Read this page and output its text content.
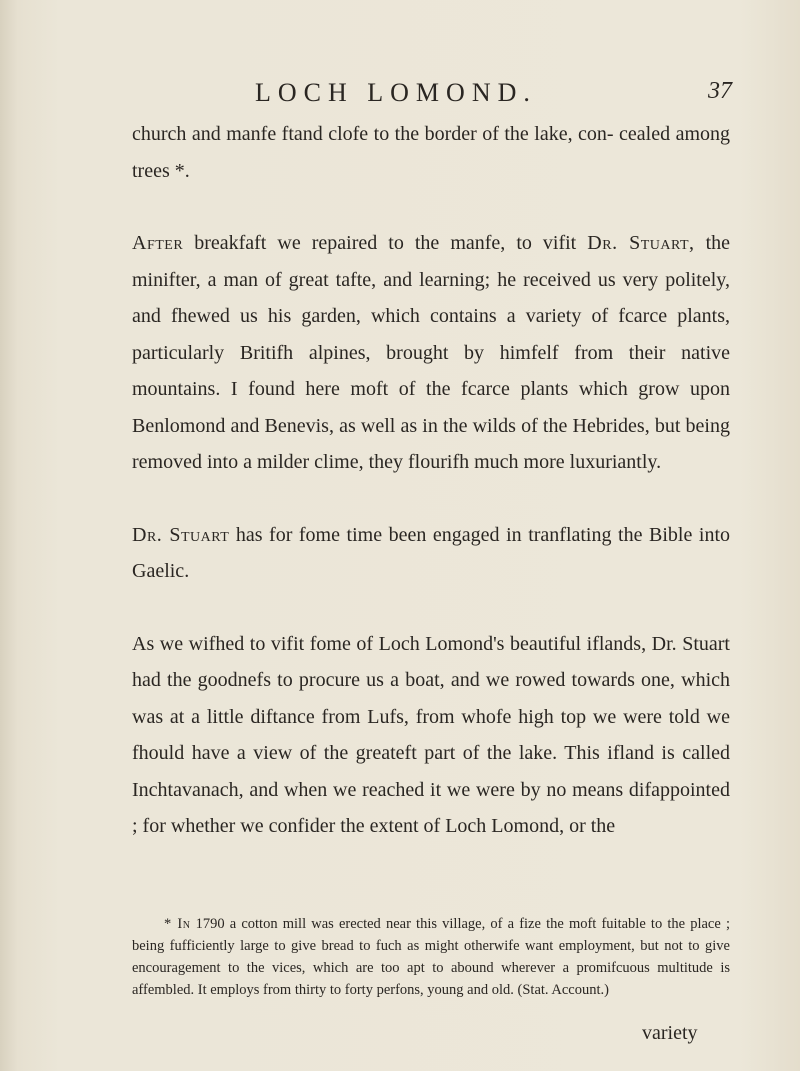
LOCH LOMOND.	37

church and manfe ftand clofe to the border of the lake, con- cealed among trees *.

After breakfaft we repaired to the manfe, to vifit Dr. Stuart, the minifter, a man of great tafte, and learning; he received us very politely, and fhewed us his garden, which contains a variety of fcarce plants, particularly Britifh alpines, brought by himfelf from their native mountains. I found here moft of the fcarce plants which grow upon Benlomond and Benevis, as well as in the wilds of the Hebrides, but being removed into a milder clime, they flourifh much more luxuriantly.

Dr. Stuart has for fome time been engaged in tranflating the Bible into Gaelic.

As we wifhed to vifit fome of Loch Lomond's beautiful iflands, Dr. Stuart had the goodnefs to procure us a boat, and we rowed towards one, which was at a little diftance from Lufs, from whofe high top we were told we fhould have a view of the greateft part of the lake. This ifland is called Inchtavanach, and when we reached it we were by no means difappointed ; for whether we confider the extent of Loch Lomond, or the

* In 1790 a cotton mill was erected near this village, of a fize the moft fuitable to the place ; being fufficiently large to give bread to fuch as might otherwife want employment, but not to give encouragement to the vices, which are too apt to abound wherever a promifcuous multitude is affembled. It employs from thirty to forty perfons, young and old. (Stat. Account.)

variety
